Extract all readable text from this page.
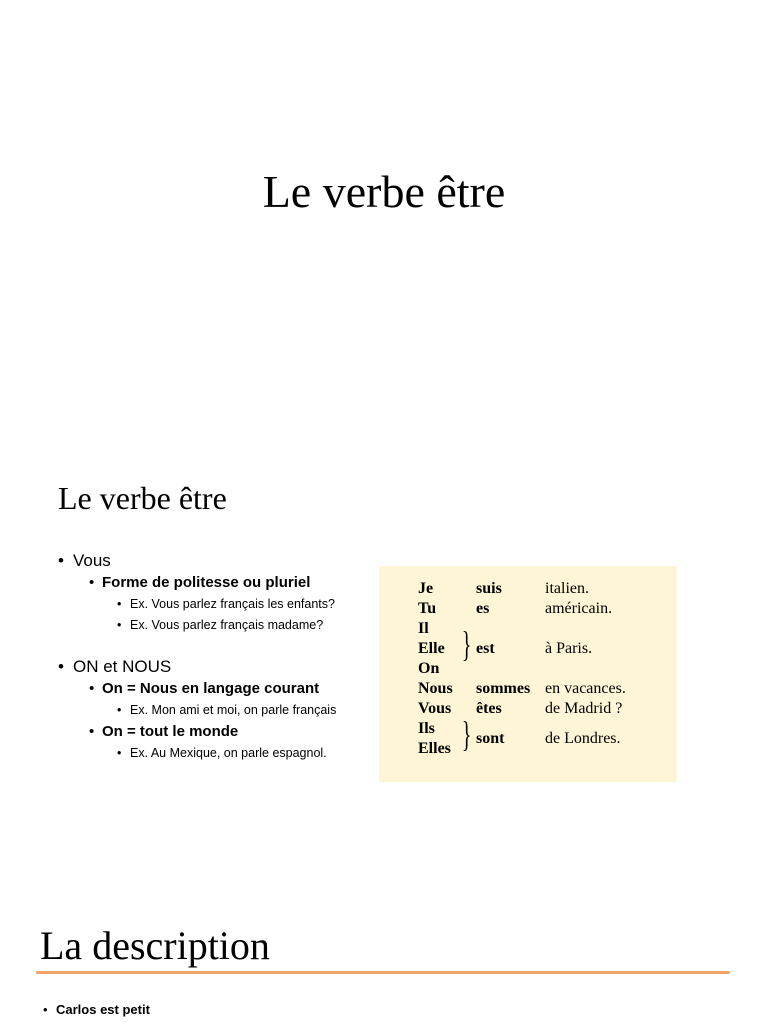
Le verbe être
Le verbe être
• Vous
• Forme de politesse ou pluriel
• Ex. Vous parlez français les enfants?
• Ex. Vous parlez français madame?
• ON et NOUS
• On = Nous en langage courant
• Ex. Mon ami et moi, on parle français
• On = tout le monde
• Ex. Au Mexique, on parle espagnol.
Je	suis	italien.
Tu es	américain.
Il
Elle
On
} est	à Paris.
Nous sommes en vacances.
Vous êtes	de Madrid ?
Ils
Elles } sont	de Londres.
La description
• Carlos est petit
